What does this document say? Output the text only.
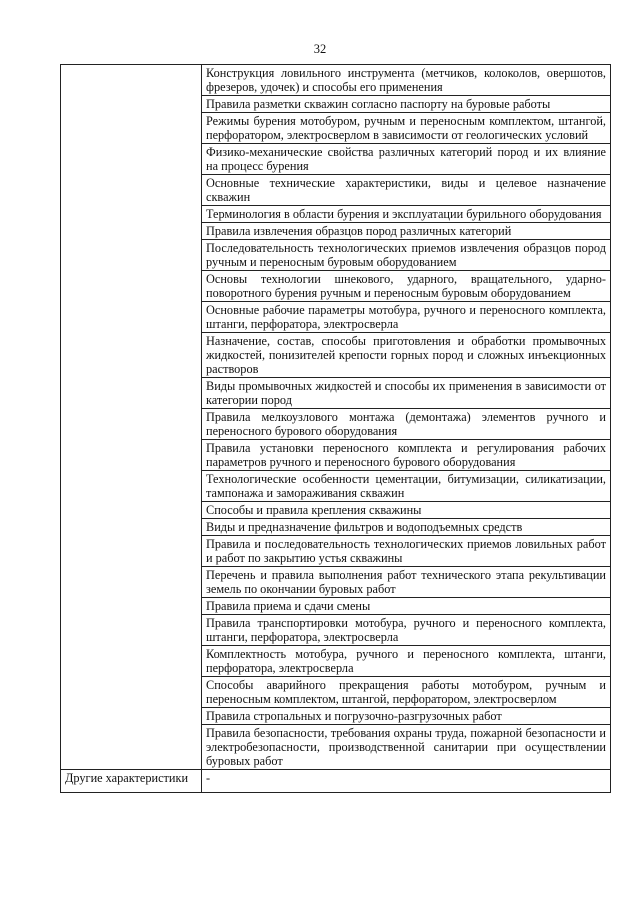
32
	Конструкция ловильного инструмента (метчиков, колоколов, овершотов, фрезеров, удочек) и способы его применения
	Правила разметки скважин согласно паспорту на буровые работы
	Режимы бурения мотобуром, ручным и переносным комплектом, штангой, перфоратором, электросверлом в зависимости от геологических условий
	Физико-механические свойства различных категорий пород и их влияние на процесс бурения
	Основные технические характеристики, виды и целевое назначение скважин
	Терминология в области бурения и эксплуатации бурильного оборудования
	Правила извлечения образцов пород различных категорий
	Последовательность технологических приемов извлечения образцов пород ручным и переносным буровым оборудованием
	Основы технологии шнекового, ударного, вращательного, ударно-поворотного бурения ручным и переносным буровым оборудованием
	Основные рабочие параметры мотобура, ручного и переносного комплекта, штанги, перфоратора, электросверла
	Назначение, состав, способы приготовления и обработки промывочных жидкостей, понизителей крепости горных пород и сложных инъекционных растворов
	Виды промывочных жидкостей и способы их применения в зависимости от категории пород
	Правила мелкоузлового монтажа (демонтажа) элементов ручного и переносного бурового оборудования
	Правила установки переносного комплекта и регулирования рабочих параметров ручного и переносного бурового оборудования
	Технологические особенности цементации, битумизации, силикатизации, тампонажа и замораживания скважин
	Способы и правила крепления скважины
	Виды и предназначение фильтров и водоподъемных средств
	Правила и последовательность технологических приемов ловильных работ и работ по закрытию устья скважины
	Перечень и правила выполнения работ технического этапа рекультивации земель по окончании буровых работ
	Правила приема и сдачи смены
	Правила транспортировки мотобура, ручного и переносного комплекта, штанги, перфоратора, электросверла
	Комплектность мотобура, ручного и переносного комплекта, штанги, перфоратора, электросверла
	Способы аварийного прекращения работы мотобуром, ручным и переносным комплектом, штангой, перфоратором, электросверлом
	Правила стропальных и погрузочно-разгрузочных работ
	Правила безопасности, требования охраны труда, пожарной безопасности и электробезопасности, производственной санитарии при осуществлении буровых работ
Другие характеристики	-
